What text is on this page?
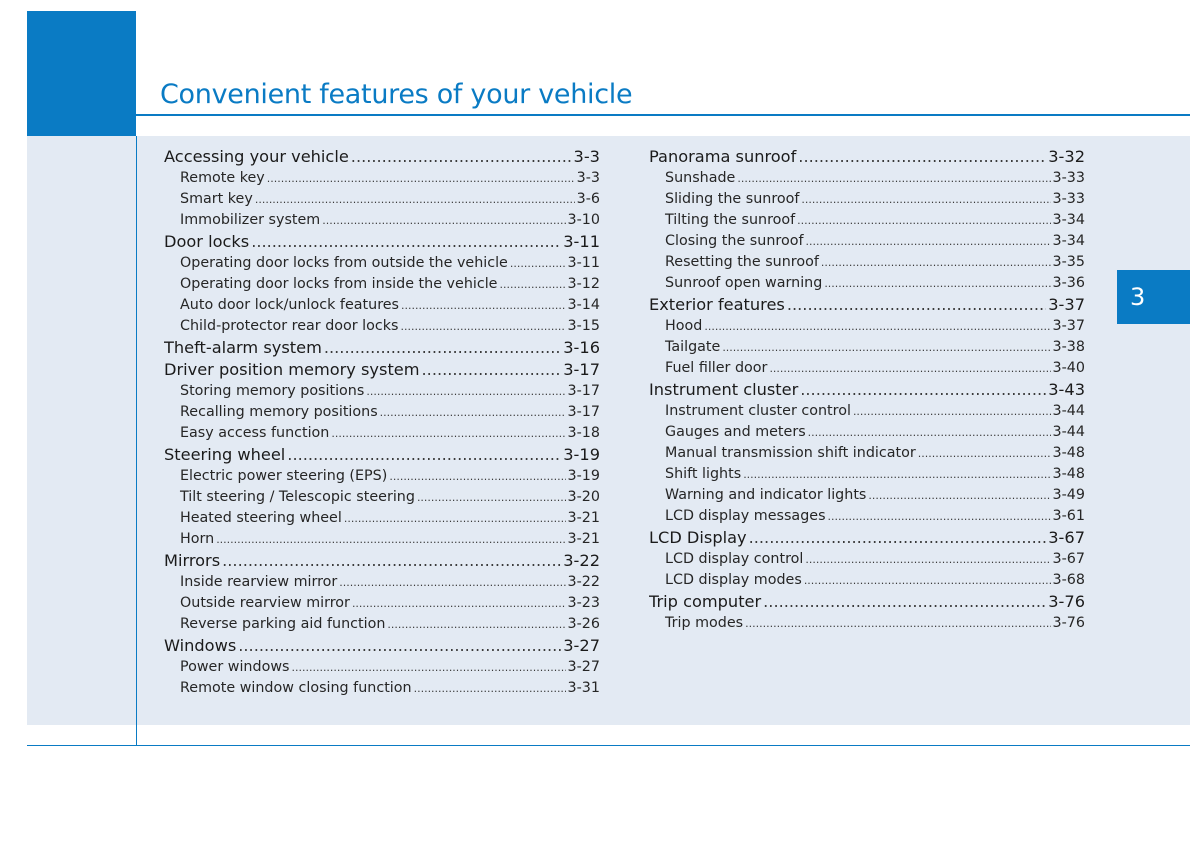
Convenient features of your vehicle
3
Accessing your vehicle .....	3-3
Remote key .....	3-3
Smart key .....	3-6
Immobilizer system .....	3-10
Door locks .....	3-11
Operating door locks from outside the vehicle .....	3-11
Operating door locks from inside the vehicle .....	3-12
Auto door lock/unlock features .....	3-14
Child-protector rear door locks .....	3-15
Theft-alarm system .....	3-16
Driver position memory system .....	3-17
Storing memory positions .....	3-17
Recalling memory positions .....	3-17
Easy access function .....	3-18
Steering wheel .....	3-19
Electric power steering (EPS) .....	3-19
Tilt steering / Telescopic steering .....	3-20
Heated steering wheel .....	3-21
Horn .....	3-21
Mirrors .....	3-22
Inside rearview mirror .....	3-22
Outside rearview mirror .....	3-23
Reverse parking aid function .....	3-26
Windows .....	3-27
Power windows .....	3-27
Remote window closing function .....	3-31
Panorama sunroof .....	3-32
Sunshade .....	3-33
Sliding the sunroof .....	3-33
Tilting the sunroof .....	3-34
Closing the sunroof .....	3-34
Resetting the sunroof .....	3-35
Sunroof open warning .....	3-36
Exterior features .....	3-37
Hood .....	3-37
Tailgate .....	3-38
Fuel filler door .....	3-40
Instrument cluster .....	3-43
Instrument cluster control .....	3-44
Gauges and meters .....	3-44
Manual transmission shift indicator .....	3-48
Shift lights .....	3-48
Warning and indicator lights .....	3-49
LCD display messages .....	3-61
LCD Display .....	3-67
LCD display control .....	3-67
LCD display modes .....	3-68
Trip computer .....	3-76
Trip modes .....	3-76
